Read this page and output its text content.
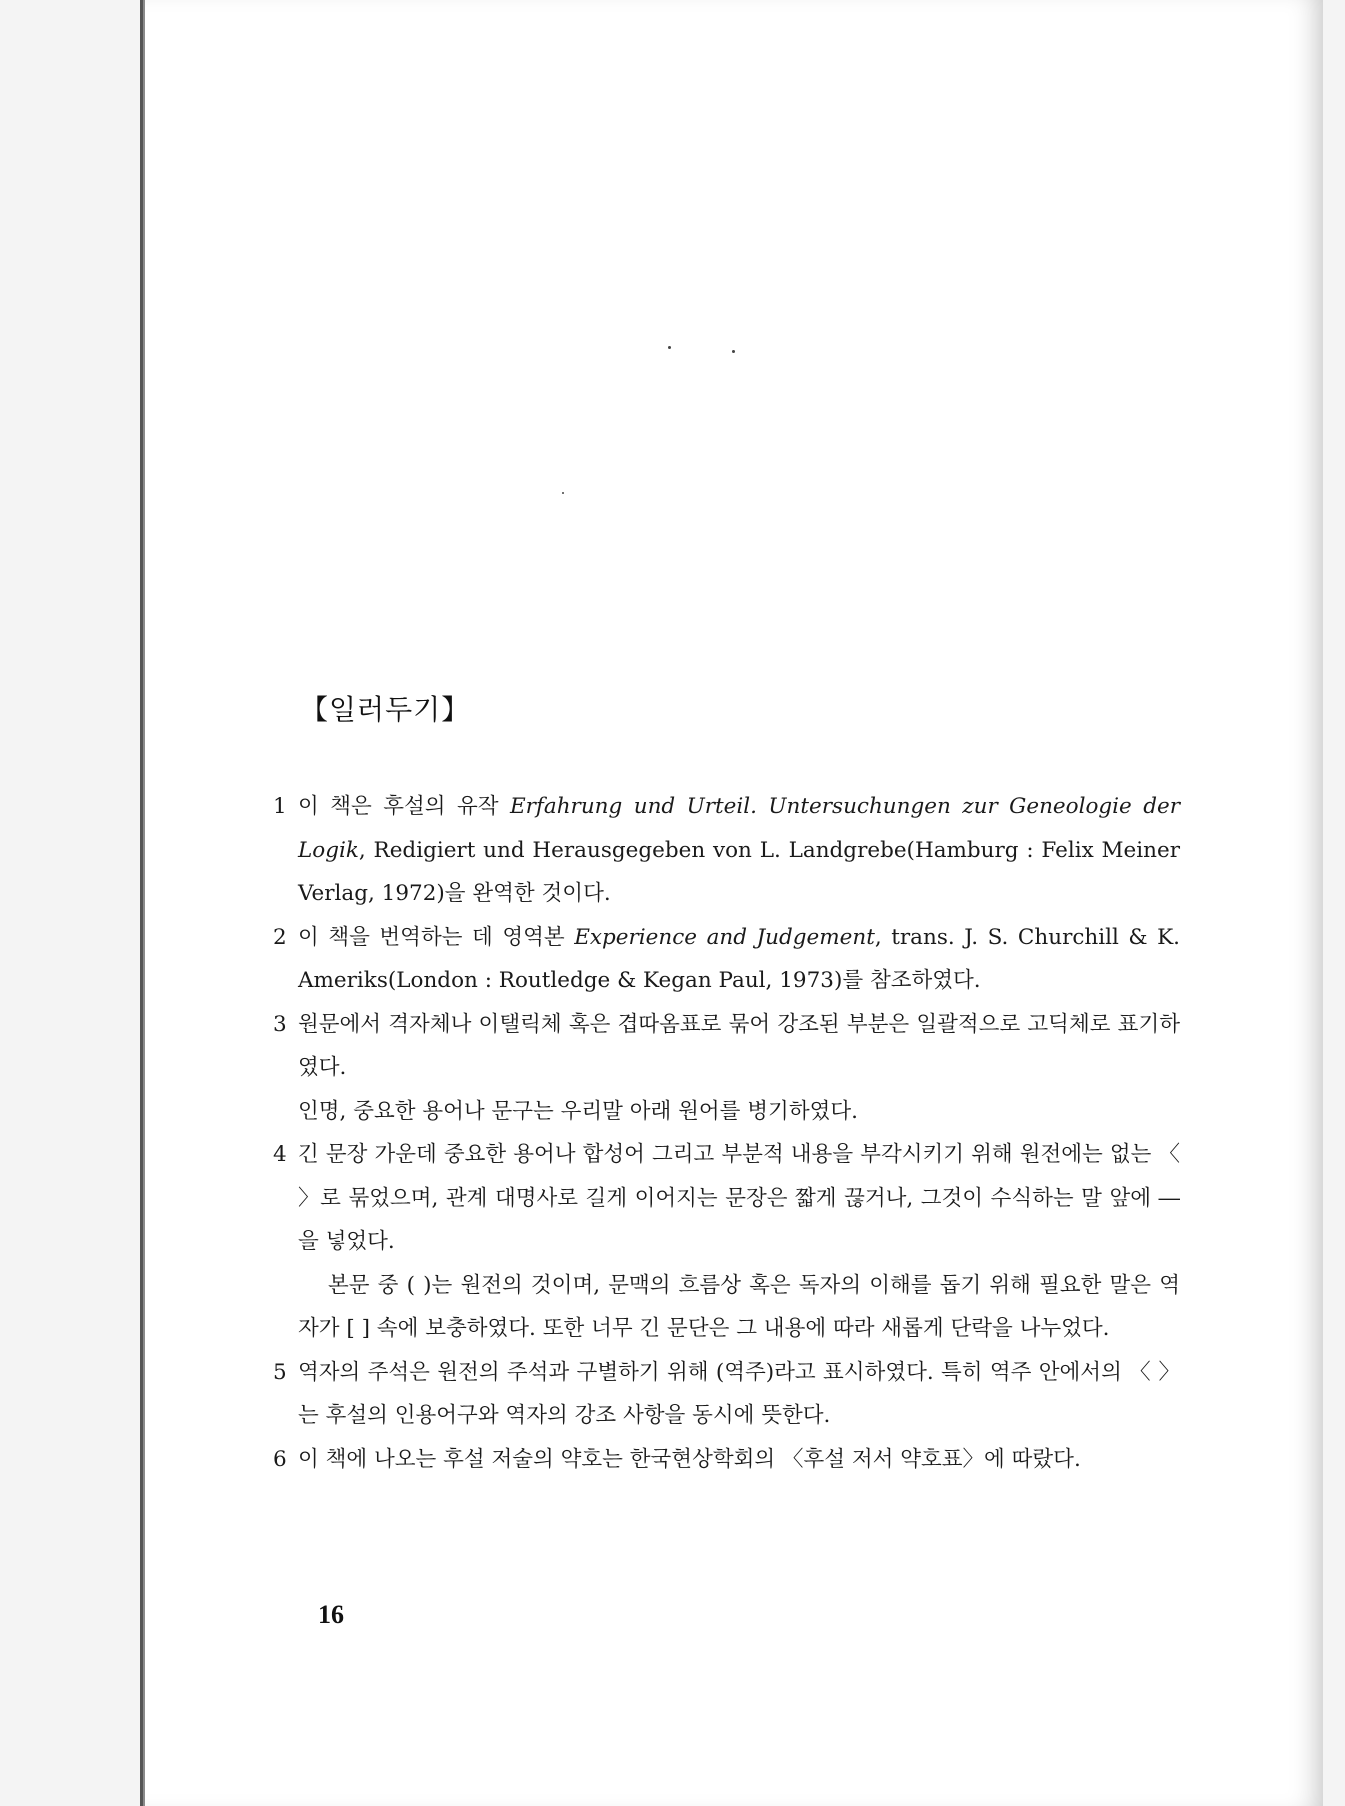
【일러두기】
1 이 책은 후설의 유작 Erfahrung und Urteil. Untersuchungen zur Geneologie der Logik, Redigiert und Herausgegeben von L. Landgrebe(Hamburg : Felix Meiner Verlag, 1972)을 완역한 것이다.
2 이 책을 번역하는 데 영역본 Experience and Judgement, trans. J. S. Churchill & K. Ameriks(London : Routledge & Kegan Paul, 1973)를 참조하였다.
3 원문에서 격자체나 이탤릭체 혹은 겹따옴표로 묶어 강조된 부분은 일괄적으로 고딕체로 표기하였다.
인명, 중요한 용어나 문구는 우리말 아래 원어를 병기하였다.
4 긴 문장 가운데 중요한 용어나 합성어 그리고 부분적 내용을 부각시키기 위해 원전에는 없는 〈 〉로 묶었으며, 관계 대명사로 길게 이어지는 문장은 짧게 끊거나, 그것이 수식하는 말 앞에 ― 을 넣었다.
본문 중 ( )는 원전의 것이며, 문맥의 흐름상 혹은 독자의 이해를 돕기 위해 필요한 말은 역자가 [ ] 속에 보충하였다. 또한 너무 긴 문단은 그 내용에 따라 새롭게 단락을 나누었다.
5 역자의 주석은 원전의 주석과 구별하기 위해 (역주)라고 표시하였다. 특히 역주 안에서의 〈 〉는 후설의 인용어구와 역자의 강조 사항을 동시에 뜻한다.
6 이 책에 나오는 후설 저술의 약호는 한국현상학회의 〈후설 저서 약호표〉에 따랐다.
16
